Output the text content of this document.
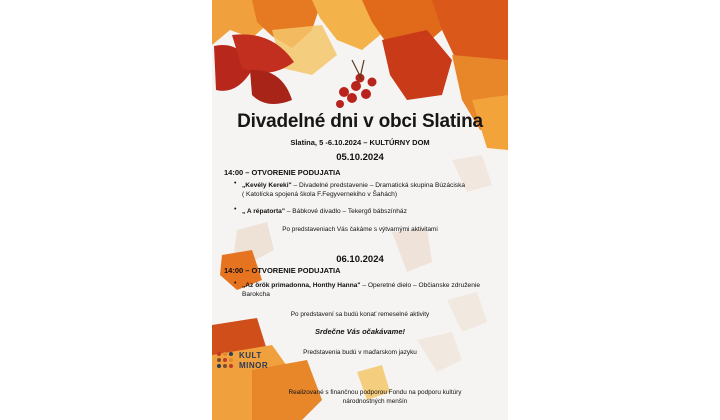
Divadelné dni v obci Slatina

Slatina, 5 -6.10.2024 – KULTÚRNY DOM

05.10.2024

14:00 – OTVORENIE PODUJATIA

• „Kevély Kereki" – Divadelné predstavenie – Dramatická skupina Búzáciska
( Katolícka spojená škola F.Fegyvernekiho v Šahách)

• „ A répatorta" – Bábkové divadlo – Tekergő bábszínház

Po predstaveniach Vás čakáme s výtvarnými aktivitami

06.10.2024

14:00 – OTVORENIE PODUJATIA

• „Az örök primadonna, Honthy Hanna" – Operetné dielo – Občianske združenie
Barokcha

Po predstavení sa budú konať remeselné aktivity

Srdečne Vás očakávame!

Predstavenia budú v maďarskom jazyku

KULT
MINOR

Realizované s finančnou podporou Fondu na podporu kultúry

národnostných menšín
